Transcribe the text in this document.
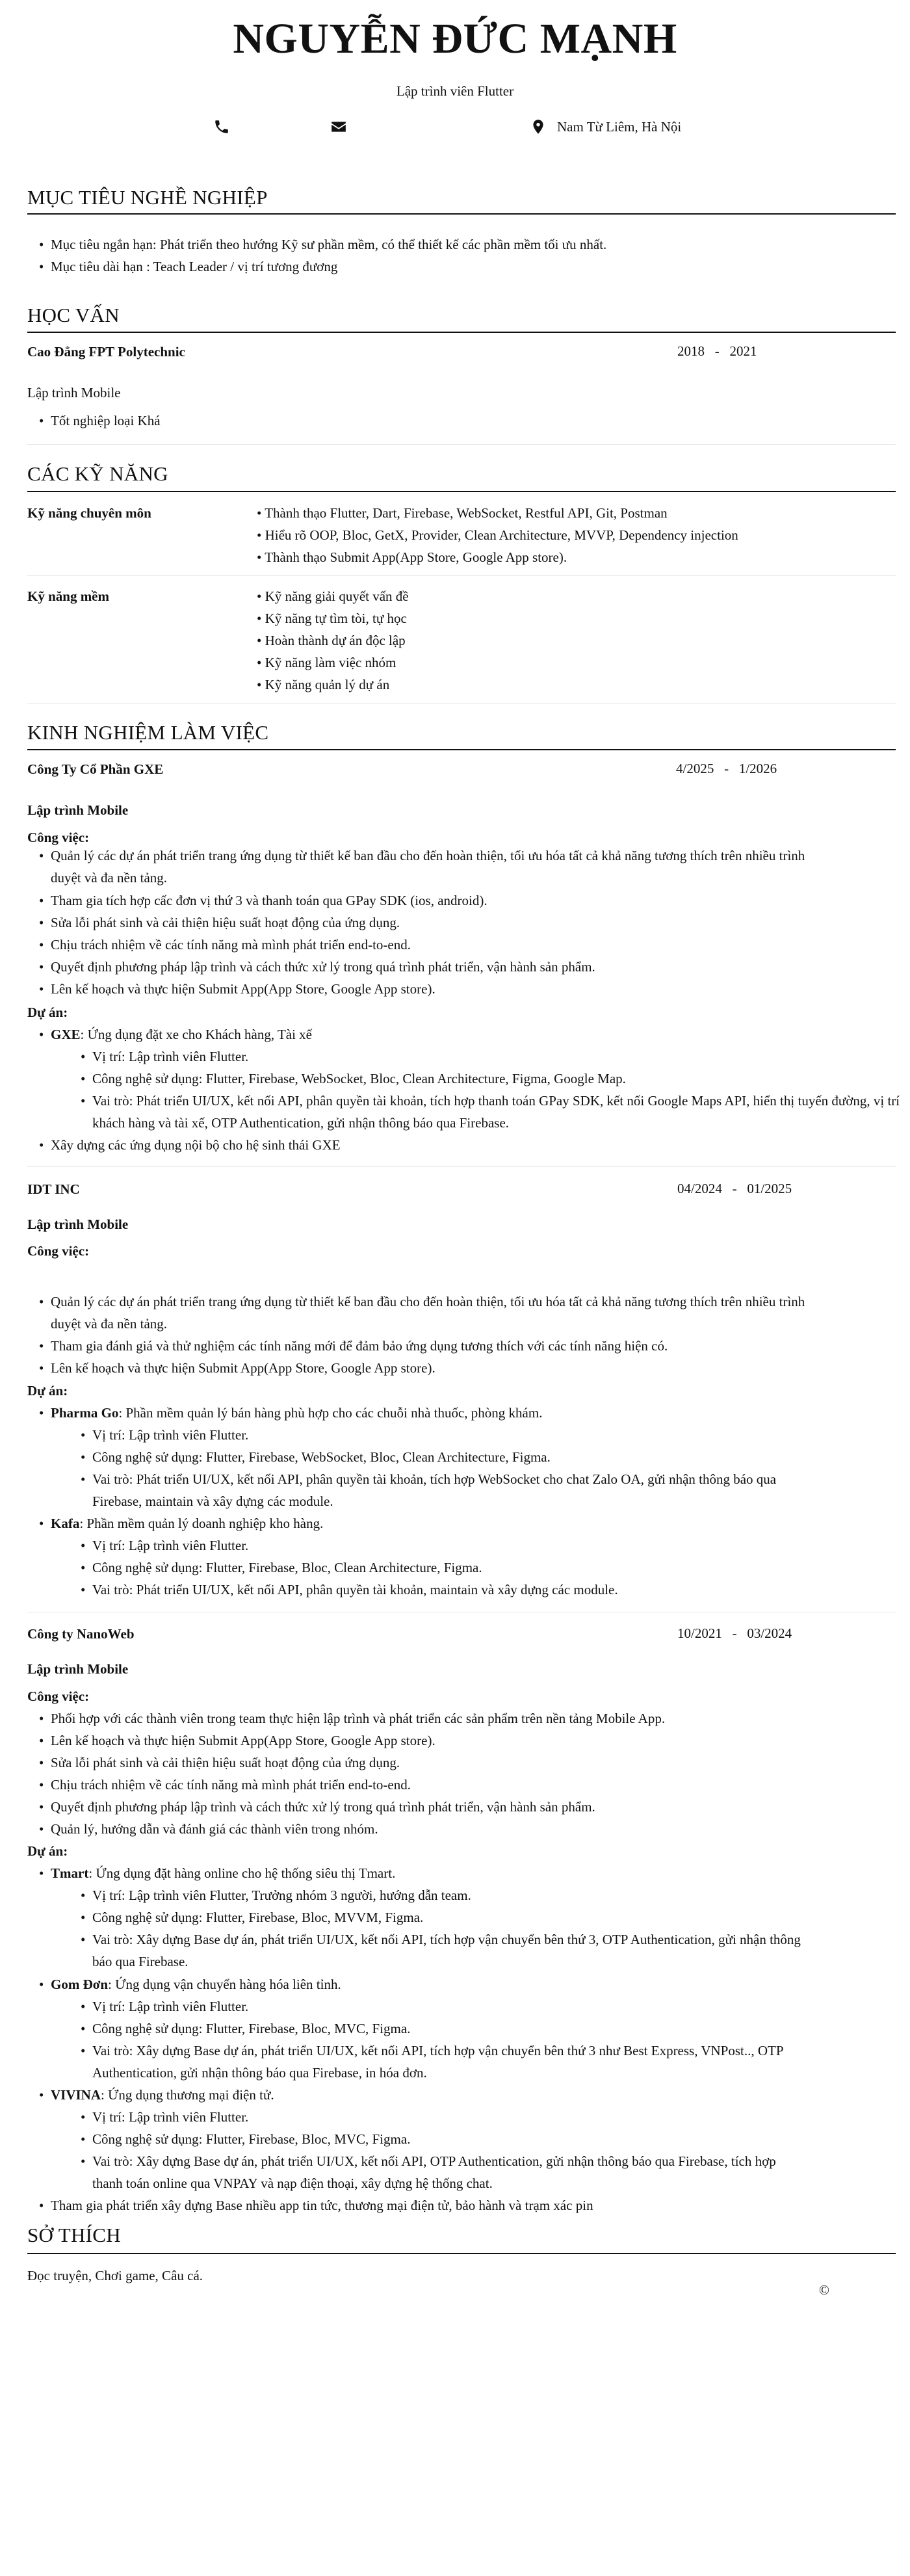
NGUYỄN ĐỨC MẠNH
Lập trình viên Flutter
Nam Từ Liêm, Hà Nội
MỤC TIÊU NGHỀ NGHIỆP
• Mục tiêu ngắn hạn: Phát triển theo hướng Kỹ sư phần mềm, có thể thiết kế các phần mềm tối ưu nhất.
• Mục tiêu dài hạn : Teach Leader / vị trí tương đương
HỌC VẤN
Cao Đẳng FPT Polytechnic	2018 - 2021
Lập trình Mobile
• Tốt nghiệp loại Khá
CÁC KỸ NĂNG
Kỹ năng chuyên môn	• Thành thạo Flutter, Dart, Firebase, WebSocket, Restful API, Git, Postman
• Hiểu rõ OOP, Bloc, GetX, Provider, Clean Architecture, MVVP, Dependency injection
• Thành thạo Submit App(App Store, Google App store).
Kỹ năng mềm	• Kỹ năng giải quyết vấn đề
• Kỹ năng tự tìm tòi, tự học
• Hoàn thành dự án độc lập
• Kỹ năng làm việc nhóm
• Kỹ năng quản lý dự án
KINH NGHIỆM LÀM VIỆC
Công Ty Cổ Phần GXE	4/2025 - 1/2026
Lập trình Mobile
Công việc:
• Quản lý các dự án phát triển trang ứng dụng từ thiết kế ban đầu cho đến hoàn thiện, tối ưu hóa tất cả khả năng tương thích trên nhiều trình
duyệt và đa nền tảng.
• Tham gia tích hợp cấc đơn vị thứ 3 và thanh toán qua GPay SDK (ios, android).
• Sửa lỗi phát sinh và cải thiện hiệu suất hoạt động của ứng dụng.
• Chịu trách nhiệm về các tính năng mà mình phát triển end-to-end.
• Quyết định phương pháp lập trình và cách thức xử lý trong quá trình phát triển, vận hành sản phẩm.
• Lên kế hoạch và thực hiện Submit App(App Store, Google App store).
Dự án:
• GXE: Ứng dụng đặt xe cho Khách hàng, Tài xế
• Vị trí: Lập trình viên Flutter.
• Công nghệ sử dụng: Flutter, Firebase, WebSocket, Bloc, Clean Architecture, Figma, Google Map.
• Vai trò: Phát triển UI/UX, kết nối API, phân quyền tài khoản, tích hợp thanh toán GPay SDK, kết nối Google Maps API, hiển thị tuyến đường, vị trí
khách hàng và tài xế, OTP Authentication, gửi nhận thông báo qua Firebase.
• Xây dựng các ứng dụng nội bộ cho hệ sinh thái GXE
IDT INC	04/2024 - 01/2025
Lập trình Mobile
Công việc:
• Quản lý các dự án phát triển trang ứng dụng từ thiết kế ban đầu cho đến hoàn thiện, tối ưu hóa tất cả khả năng tương thích trên nhiều trình
duyệt và đa nền tảng.
• Tham gia đánh giá và thử nghiệm các tính năng mới để đảm bảo ứng dụng tương thích với các tính năng hiện có.
• Lên kế hoạch và thực hiện Submit App(App Store, Google App store).
Dự án:
• Pharma Go: Phần mềm quản lý bán hàng phù hợp cho các chuỗi nhà thuốc, phòng khám.
• Vị trí: Lập trình viên Flutter.
• Công nghệ sử dụng: Flutter, Firebase, WebSocket, Bloc, Clean Architecture, Figma.
• Vai trò: Phát triển UI/UX, kết nối API, phân quyền tài khoản, tích hợp WebSocket cho chat Zalo OA, gửi nhận thông báo qua
Firebase, maintain và xây dựng các module.
• Kafa: Phần mềm quản lý doanh nghiệp kho hàng.
• Vị trí: Lập trình viên Flutter.
• Công nghệ sử dụng: Flutter, Firebase, Bloc, Clean Architecture, Figma.
• Vai trò: Phát triển UI/UX, kết nối API, phân quyền tài khoản, maintain và xây dựng các module.
Công ty NanoWeb	10/2021 - 03/2024
Lập trình Mobile
Công việc:
• Phối hợp với các thành viên trong team thực hiện lập trình và phát triển các sản phẩm trên nền tảng Mobile App.
• Lên kế hoạch và thực hiện Submit App(App Store, Google App store).
• Sửa lỗi phát sinh và cải thiện hiệu suất hoạt động của ứng dụng.
• Chịu trách nhiệm về các tính năng mà mình phát triển end-to-end.
• Quyết định phương pháp lập trình và cách thức xử lý trong quá trình phát triển, vận hành sản phẩm.
• Quản lý, hướng dẫn và đánh giá các thành viên trong nhóm.
Dự án:
• Tmart: Ứng dụng đặt hàng online cho hệ thống siêu thị Tmart.
• Vị trí: Lập trình viên Flutter, Trưởng nhóm 3 người, hướng dẫn team.
• Công nghệ sử dụng: Flutter, Firebase, Bloc, MVVM, Figma.
• Vai trò: Xây dựng Base dự án, phát triển UI/UX, kết nối API, tích hợp vận chuyển bên thứ 3, OTP Authentication, gửi nhận thông
báo qua Firebase.
• Gom Đơn: Ứng dụng vận chuyển hàng hóa liên tỉnh.
• Vị trí: Lập trình viên Flutter.
• Công nghệ sử dụng: Flutter, Firebase, Bloc, MVC, Figma.
• Vai trò: Xây dựng Base dự án, phát triển UI/UX, kết nối API, tích hợp vận chuyển bên thứ 3 như Best Express, VNPost.., OTP
Authentication, gửi nhận thông báo qua Firebase, in hóa đơn.
• VIVINA: Ứng dụng thương mại điện tử.
• Vị trí: Lập trình viên Flutter.
• Công nghệ sử dụng: Flutter, Firebase, Bloc, MVC, Figma.
• Vai trò: Xây dựng Base dự án, phát triển UI/UX, kết nối API, OTP Authentication, gửi nhận thông báo qua Firebase, tích hợp
thanh toán online qua VNPAY và nạp điện thoại, xây dựng hệ thống chat.
• Tham gia phát triển xây dựng Base nhiều app tin tức, thương mại điện tử, bảo hành và trạm xác pin
SỞ THÍCH
Đọc truyện, Chơi game, Câu cá.
©
